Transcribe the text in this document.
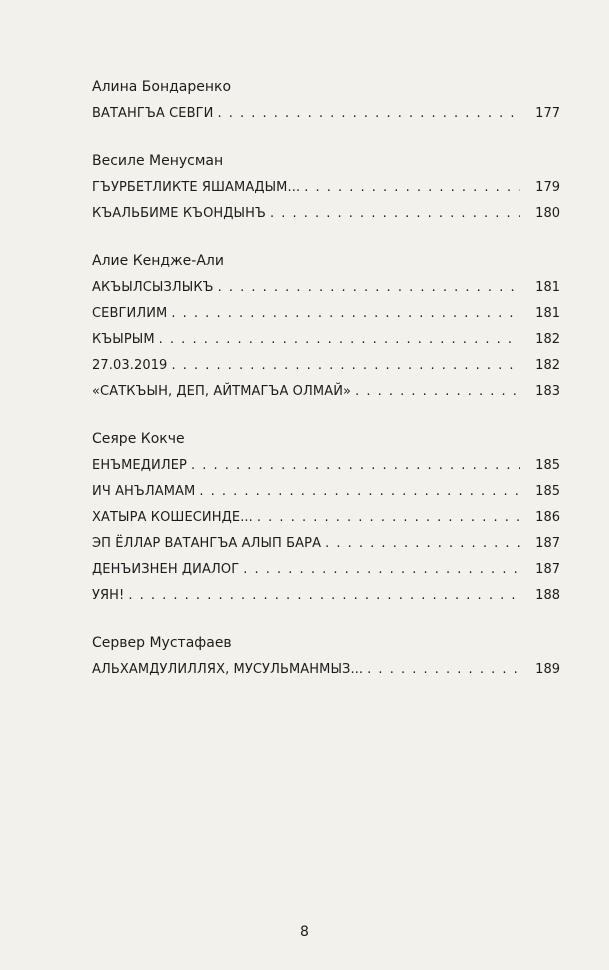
Алина Бондаренко
ВАТАНГЪА СЕВГИ . . .	177
Весиле Менусман
ГЪУРБЕТЛИКТЕ ЯШАМАДЫМ... . . .	179
КЪАЛЬБИМЕ КЪОНДЫНЪ . . .	180
Алие Кендже-Али
АКЪЫЛСЫЗЛЫКЪ . . .	181
СЕВГИЛИМ . . .	181
КЪЫРЫМ . . .	182
27.03.2019 . . .	182
«САТКЪЫН, ДЕП, АЙТМАГЪА ОЛМАЙ» . . .	183
Сеяре Кокче
ЕНЪМЕДИЛЕР . . .	185
ИЧ АНЪЛАМАМ . . .	185
ХАТЫРА КОШЕСИНДЕ... . . .	186
ЭП ЁЛЛАР ВАТАНГЪА АЛЫП БАРА . . .	187
ДЕНЪИЗНЕН ДИАЛОГ . . .	187
УЯН! . . .	188
Сервер Мустафаев
АЛЬХАМДУЛИЛЛЯХ, МУСУЛЬМАНМЫЗ... . . .	189
8
